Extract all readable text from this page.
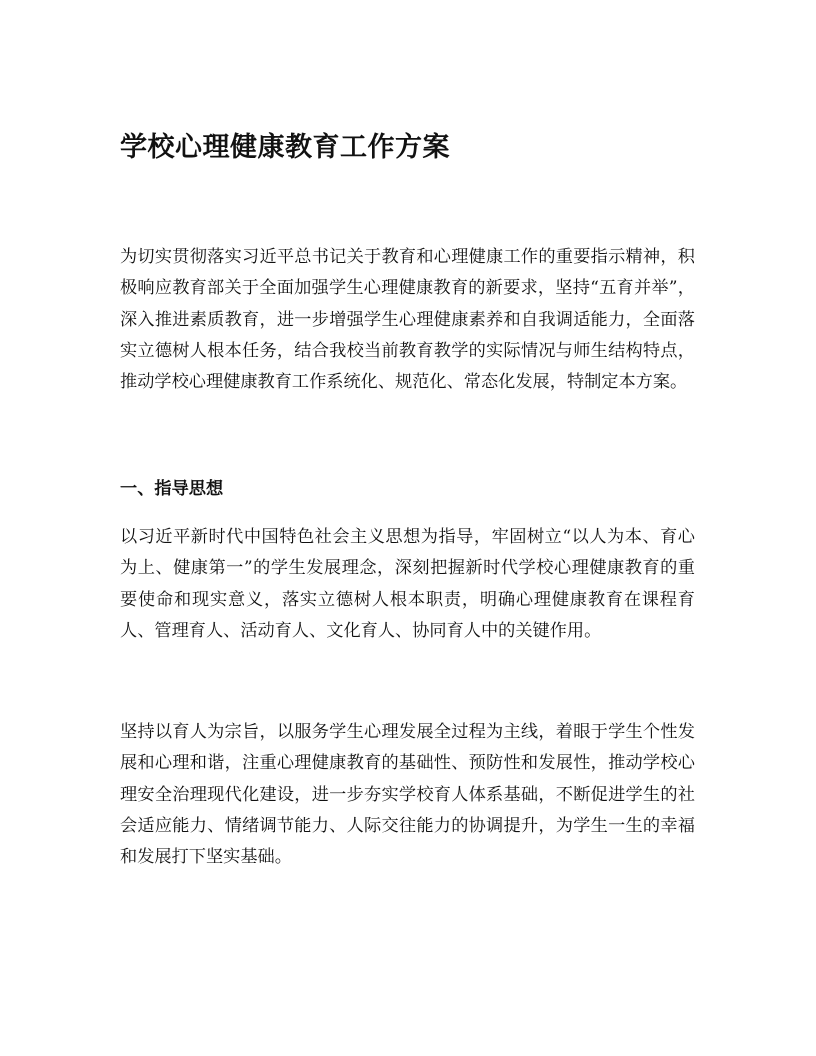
学校心理健康教育工作方案

为切实贯彻落实习近平总书记关于教育和心理健康工作的重要指示精神，积极响应教育部关于全面加强学生心理健康教育的新要求，坚持“五育并举”，深入推进素质教育，进一步增强学生心理健康素养和自我调适能力，全面落实立德树人根本任务，结合我校当前教育教学的实际情况与师生结构特点，推动学校心理健康教育工作系统化、规范化、常态化发展，特制定本方案。

一、指导思想

以习近平新时代中国特色社会主义思想为指导，牢固树立“以人为本、育心为上、健康第一”的学生发展理念，深刻把握新时代学校心理健康教育的重要使命和现实意义，落实立德树人根本职责，明确心理健康教育在课程育人、管理育人、活动育人、文化育人、协同育人中的关键作用。

坚持以育人为宗旨，以服务学生心理发展全过程为主线，着眼于学生个性发展和心理和谐，注重心理健康教育的基础性、预防性和发展性，推动学校心理安全治理现代化建设，进一步夯实学校育人体系基础，不断促进学生的社会适应能力、情绪调节能力、人际交往能力的协调提升，为学生一生的幸福和发展打下坚实基础。
